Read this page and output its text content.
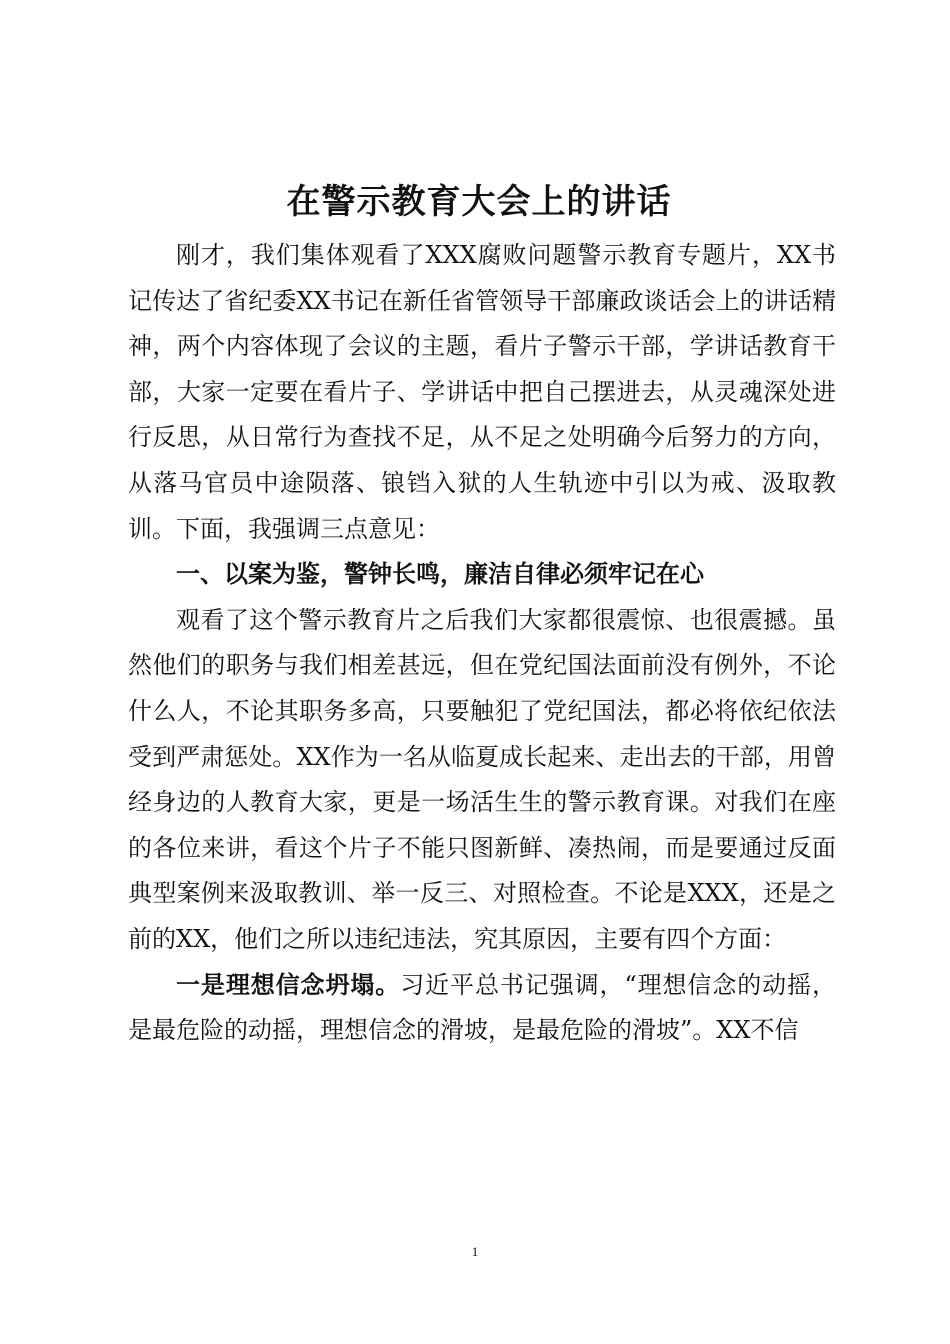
在警示教育大会上的讲话

刚才，我们集体观看了XXX腐败问题警示教育专题片，XX书记传达了省纪委XX书记在新任省管领导干部廉政谈话会上的讲话精神，两个内容体现了会议的主题，看片子警示干部，学讲话教育干部，大家一定要在看片子、学讲话中把自己摆进去，从灵魂深处进行反思，从日常行为查找不足，从不足之处明确今后努力的方向，从落马官员中途陨落、锒铛入狱的人生轨迹中引以为戒、汲取教训。下面，我强调三点意见：

一、以案为鉴，警钟长鸣，廉洁自律必须牢记在心

观看了这个警示教育片之后我们大家都很震惊、也很震撼。虽然他们的职务与我们相差甚远，但在党纪国法面前没有例外，不论什么人，不论其职务多高，只要触犯了党纪国法，都必将依纪依法受到严肃惩处。XX作为一名从临夏成长起来、走出去的干部，用曾经身边的人教育大家，更是一场活生生的警示教育课。对我们在座的各位来讲，看这个片子不能只图新鲜、凑热闹，而是要通过反面典型案例来汲取教训、举一反三、对照检查。不论是XXX，还是之前的XX，他们之所以违纪违法，究其原因，主要有四个方面：

一是理想信念坍塌。习近平总书记强调，“理想信念的动摇，是最危险的动摇，理想信念的滑坡，是最危险的滑坡”。XX不信

1
